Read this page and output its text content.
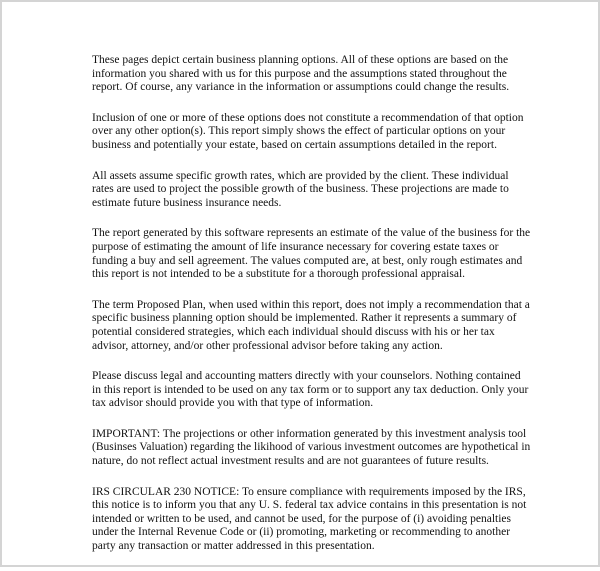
These pages depict certain business planning options. All of these options are based on the information you shared with us for this purpose and the assumptions stated throughout the report. Of course, any variance in the information or assumptions could change the results.

Inclusion of one or more of these options does not constitute a recommendation of that option over any other option(s). This report simply shows the effect of particular options on your business and potentially your estate, based on certain assumptions detailed in the report.

All assets assume specific growth rates, which are provided by the client. These individual rates are used to project the possible growth of the business. These projections are made to estimate future business insurance needs.

The report generated by this software represents an estimate of the value of the business for the purpose of estimating the amount of life insurance necessary for covering estate taxes or funding a buy and sell agreement. The values computed are, at best, only rough estimates and this report is not intended to be a substitute for a thorough professional appraisal.

The term Proposed Plan, when used within this report, does not imply a recommendation that a specific business planning option should be implemented. Rather it represents a summary of potential considered strategies, which each individual should discuss with his or her tax advisor, attorney, and/or other professional advisor before taking any action.

Please discuss legal and accounting matters directly with your counselors. Nothing contained in this report is intended to be used on any tax form or to support any tax deduction. Only your tax advisor should provide you with that type of information.

IMPORTANT: The projections or other information generated by this investment analysis tool (Businses Valuation) regarding the likihood of various investment outcomes are hypothetical in nature, do not reflect actual investment results and are not guarantees of future results.

IRS CIRCULAR 230 NOTICE: To ensure compliance with requirements imposed by the IRS, this notice is to inform you that any U. S. federal tax advice contains in this presentation is not intended or written to be used, and cannot be used, for the purpose of (i) avoiding penalties under the Internal Revenue Code or (ii) promoting, marketing or recommending to another party any transaction or matter addressed in this presentation.
